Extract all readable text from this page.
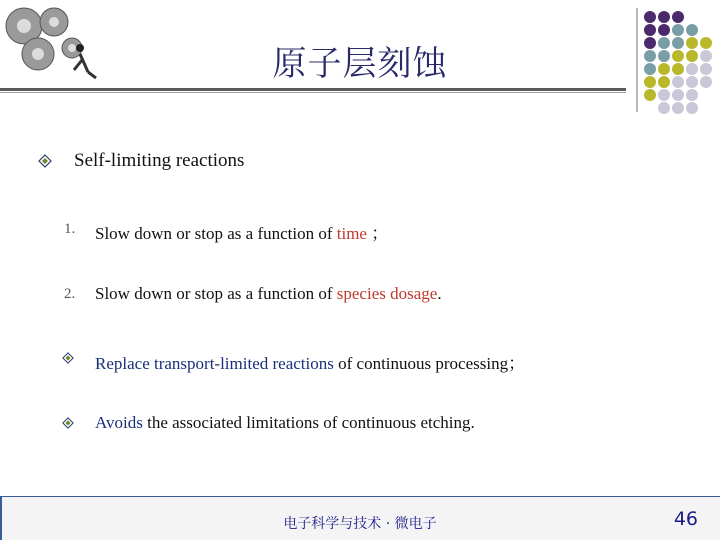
原子层刻蚀
Self-limiting reactions
1. Slow down or stop as a function of time ；
2. Slow down or stop as a function of species dosage.
Replace transport-limited reactions of continuous processing；
Avoids the associated limitations of continuous etching.
电子科学与技术 · 微电子	46
